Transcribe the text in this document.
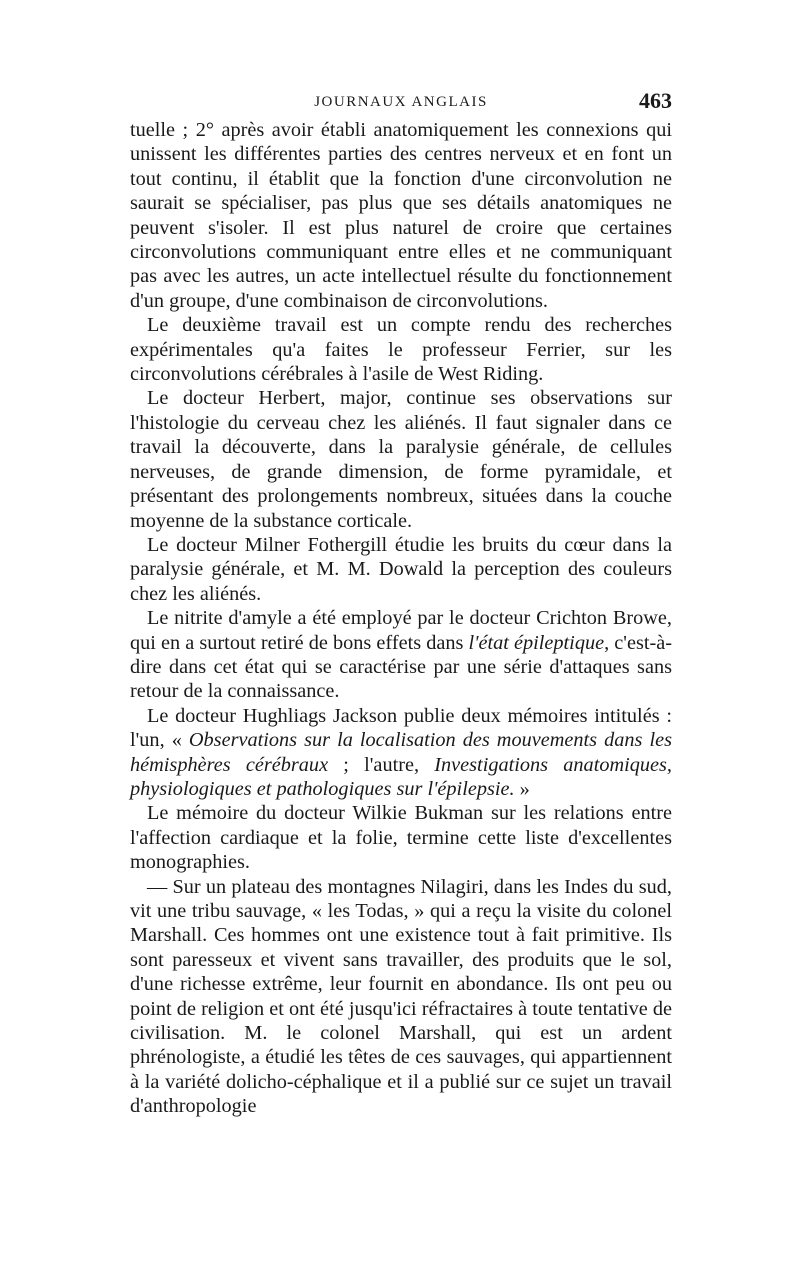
JOURNAUX ANGLAIS	463

tuelle ; 2° après avoir établi anatomiquement les connexions qui unissent les différentes parties des centres nerveux et en font un tout continu, il établit que la fonction d'une circonvolution ne saurait se spécialiser, pas plus que ses détails anatomiques ne peuvent s'isoler. Il est plus naturel de croire que certaines circonvolutions communiquant entre elles et ne communiquant pas avec les autres, un acte intellectuel résulte du fonctionnement d'un groupe, d'une combinaison de circonvolutions.

Le deuxième travail est un compte rendu des recherches expérimentales qu'a faites le professeur Ferrier, sur les circonvolutions cérébrales à l'asile de West Riding.

Le docteur Herbert, major, continue ses observations sur l'histologie du cerveau chez les aliénés. Il faut signaler dans ce travail la découverte, dans la paralysie générale, de cellules nerveuses, de grande dimension, de forme pyramidale, et présentant des prolongements nombreux, situées dans la couche moyenne de la substance corticale.

Le docteur Milner Fothergill étudie les bruits du cœur dans la paralysie générale, et M. M. Dowald la perception des couleurs chez les aliénés.

Le nitrite d'amyle a été employé par le docteur Crichton Browe, qui en a surtout retiré de bons effets dans l'état épileptique, c'est-à-dire dans cet état qui se caractérise par une série d'attaques sans retour de la connaissance.

Le docteur Hughliags Jackson publie deux mémoires intitulés : l'un, « Observations sur la localisation des mouvements dans les hémisphères cérébraux ; l'autre, Investigations anatomiques, physiologiques et pathologiques sur l'épilepsie. »

Le mémoire du docteur Wilkie Bukman sur les relations entre l'affection cardiaque et la folie, termine cette liste d'excellentes monographies.

— Sur un plateau des montagnes Nilagiri, dans les Indes du sud, vit une tribu sauvage, « les Todas, » qui a reçu la visite du colonel Marshall. Ces hommes ont une existence tout à fait primitive. Ils sont paresseux et vivent sans travailler, des produits que le sol, d'une richesse extrême, leur fournit en abondance. Ils ont peu ou point de religion et ont été jusqu'ici réfractaires à toute tentative de civilisation. M. le colonel Marshall, qui est un ardent phrénologiste, a étudié les têtes de ces sauvages, qui appartiennent à la variété dolicho-céphalique et il a publié sur ce sujet un travail d'anthropologie
